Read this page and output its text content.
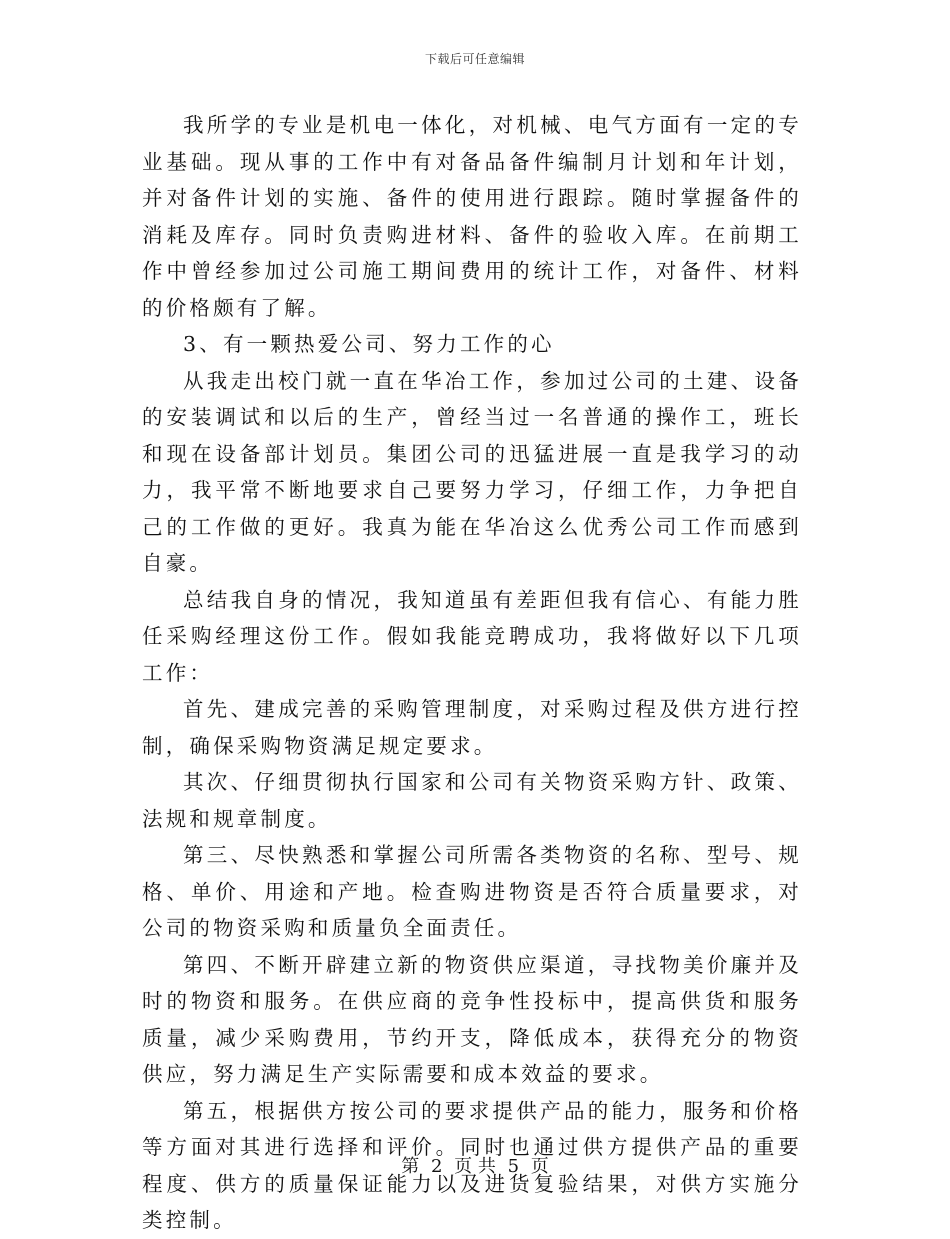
下载后可任意编辑

我所学的专业是机电一体化，对机械、电气方面有一定的专业基础。现从事的工作中有对备品备件编制月计划和年计划，并对备件计划的实施、备件的使用进行跟踪。随时掌握备件的消耗及库存。同时负责购进材料、备件的验收入库。在前期工作中曾经参加过公司施工期间费用的统计工作，对备件、材料的价格颇有了解。

3、有一颗热爱公司、努力工作的心

从我走出校门就一直在华冶工作，参加过公司的土建、设备的安装调试和以后的生产，曾经当过一名普通的操作工，班长和现在设备部计划员。集团公司的迅猛进展一直是我学习的动力，我平常不断地要求自己要努力学习，仔细工作，力争把自己的工作做的更好。我真为能在华冶这么优秀公司工作而感到自豪。

总结我自身的情况，我知道虽有差距但我有信心、有能力胜任采购经理这份工作。假如我能竞聘成功，我将做好以下几项工作：

首先、建成完善的采购管理制度，对采购过程及供方进行控制，确保采购物资满足规定要求。

其次、仔细贯彻执行国家和公司有关物资采购方针、政策、法规和规章制度。

第三、尽快熟悉和掌握公司所需各类物资的名称、型号、规格、单价、用途和产地。检查购进物资是否符合质量要求，对公司的物资采购和质量负全面责任。

第四、不断开辟建立新的物资供应渠道，寻找物美价廉并及时的物资和服务。在供应商的竞争性投标中，提高供货和服务质量，减少采购费用，节约开支，降低成本，获得充分的物资供应，努力满足生产实际需要和成本效益的要求。

第五，根据供方按公司的要求提供产品的能力，服务和价格等方面对其进行选择和评价。同时也通过供方提供产品的重要程度、供方的质量保证能力以及进货复验结果，对供方实施分类控制。

第 2 页 共 5 页
